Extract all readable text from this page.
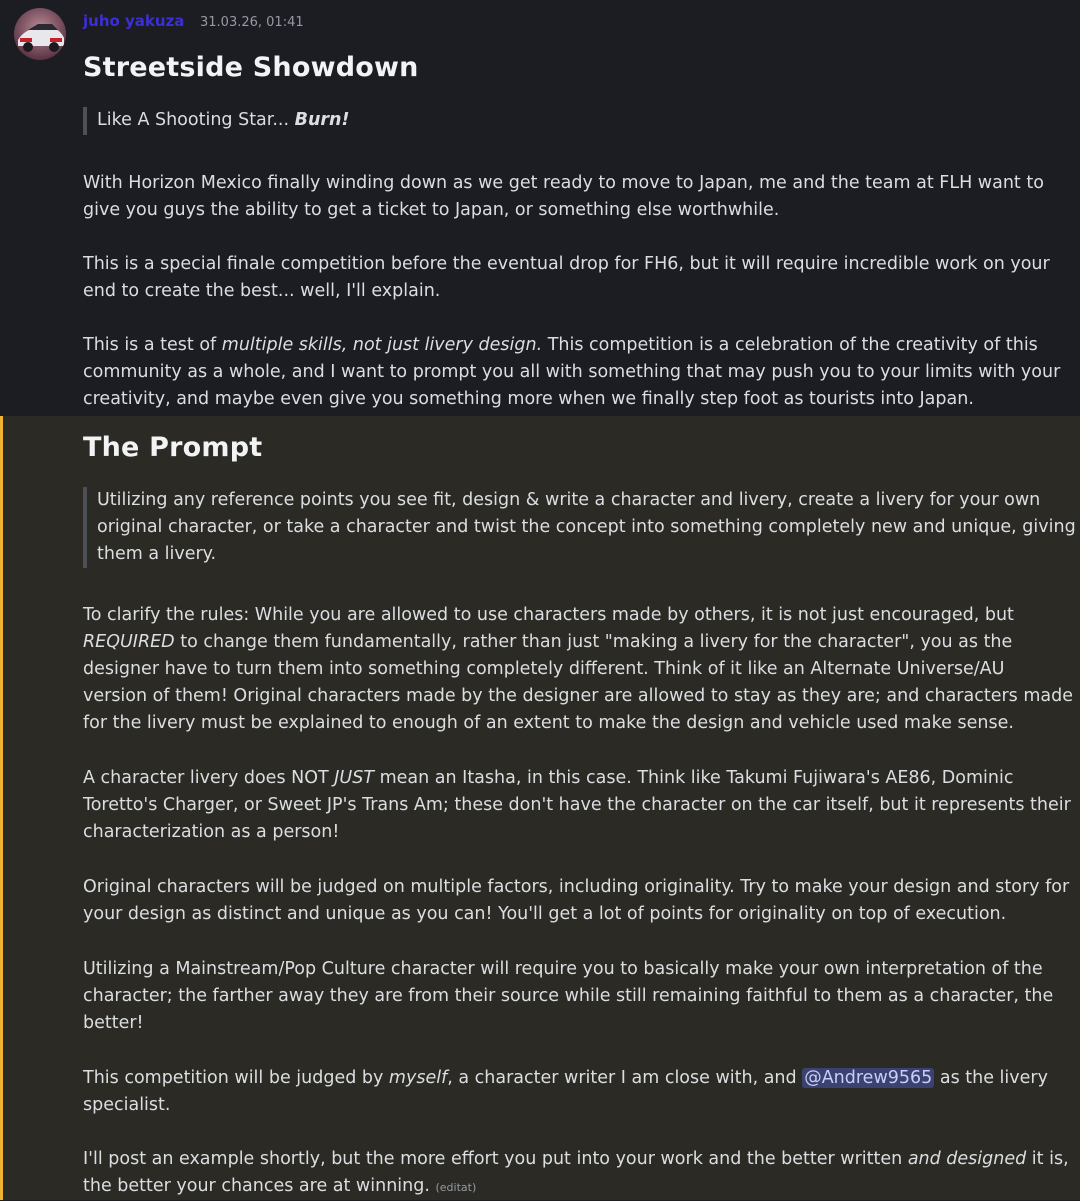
juho yakuza 31.03.26, 01:41
Streetside Showdown
Like A Shooting Star... Burn!

With Horizon Mexico finally winding down as we get ready to move to Japan, me and the team at FLH want to give you guys the ability to get a ticket to Japan, or something else worthwhile.

This is a special finale competition before the eventual drop for FH6, but it will require incredible work on your end to create the best... well, I'll explain.

This is a test of multiple skills, not just livery design. This competition is a celebration of the creativity of this community as a whole, and I want to prompt you all with something that may push you to your limits with your creativity, and maybe even give you something more when we finally step foot as tourists into Japan.

The Prompt
Utilizing any reference points you see fit, design & write a character and livery, create a livery for your own original character, or take a character and twist the concept into something completely new and unique, giving them a livery.

To clarify the rules: While you are allowed to use characters made by others, it is not just encouraged, but REQUIRED to change them fundamentally, rather than just "making a livery for the character", you as the designer have to turn them into something completely different. Think of it like an Alternate Universe/AU version of them! Original characters made by the designer are allowed to stay as they are; and characters made for the livery must be explained to enough of an extent to make the design and vehicle used make sense.

A character livery does NOT JUST mean an Itasha, in this case. Think like Takumi Fujiwara's AE86, Dominic Toretto's Charger, or Sweet JP's Trans Am; these don't have the character on the car itself, but it represents their characterization as a person!

Original characters will be judged on multiple factors, including originality. Try to make your design and story for your design as distinct and unique as you can! You'll get a lot of points for originality on top of execution.

Utilizing a Mainstream/Pop Culture character will require you to basically make your own interpretation of the character; the farther away they are from their source while still remaining faithful to them as a character, the better!

This competition will be judged by myself, a character writer I am close with, and @Andrew9565 as the livery specialist.

I'll post an example shortly, but the more effort you put into your work and the better written and designed it is, the better your chances are at winning. (editat)
